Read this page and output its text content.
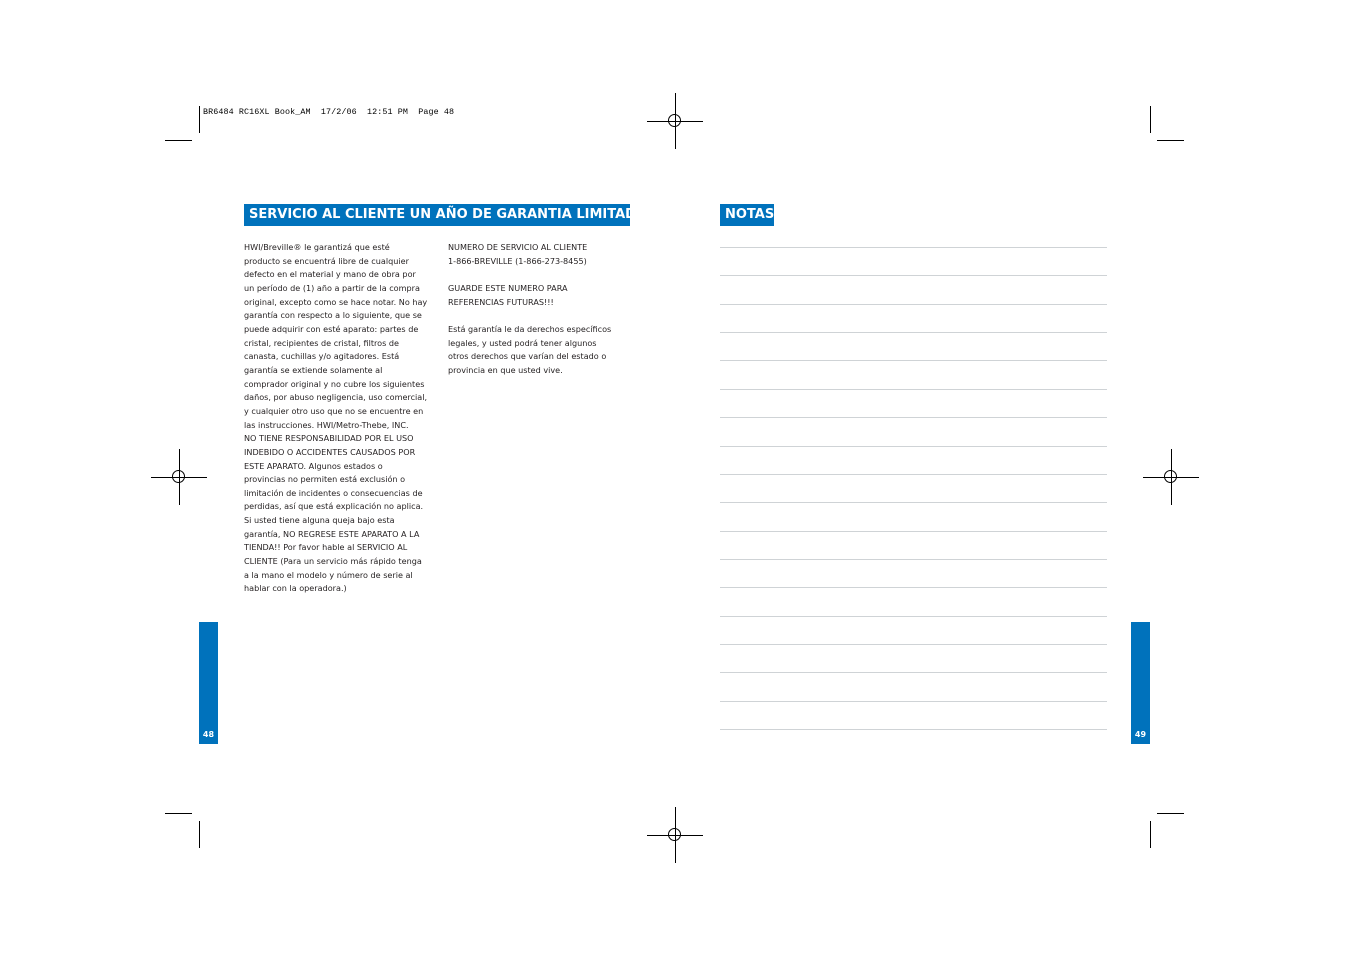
BR6484 RC16XL Book_AM  17/2/06  12:51 PM  Page 48
SERVICIO AL CLIENTE UN AÑO DE GARANTIA LIMITADA
HWI/Breville® le garantizá que esté
producto se encuentrá libre de cualquier
defecto en el material y mano de obra por
un período de (1) año a partir de la compra
original, excepto como se hace notar. No hay
garantía con respecto a lo siguiente, que se
puede adquirir con esté aparato: partes de
cristal, recipientes de cristal, filtros de
canasta, cuchillas y/o agitadores. Está
garantía se extiende solamente al
comprador original y no cubre los siguientes
daños, por abuso negligencia, uso comercial,
y cualquier otro uso que no se encuentre en
las instrucciones. HWI/Metro-Thebe, INC.
NO TIENE RESPONSABILIDAD POR EL USO
INDEBIDO O ACCIDENTES CAUSADOS POR
ESTE APARATO. Algunos estados o
provincias no permiten está exclusión o
limitación de incidentes o consecuencias de
perdidas, así que está explicación no aplica.
Si usted tiene alguna queja bajo esta
garantía, NO REGRESE ESTE APARATO A LA
TIENDA!! Por favor hable al SERVICIO AL
CLIENTE (Para un servicio más rápido tenga
a la mano el modelo y número de serie al
hablar con la operadora.)
NUMERO DE SERVICIO AL CLIENTE
1-866-BREVILLE (1-866-273-8455)
GUARDE ESTE NUMERO PARA
REFERENCIAS FUTURAS!!!
Está garantía le da derechos específicos
legales, y usted podrá tener algunos
otros derechos que varían del estado o
provincia en que usted vive.
48
NOTAS
49
